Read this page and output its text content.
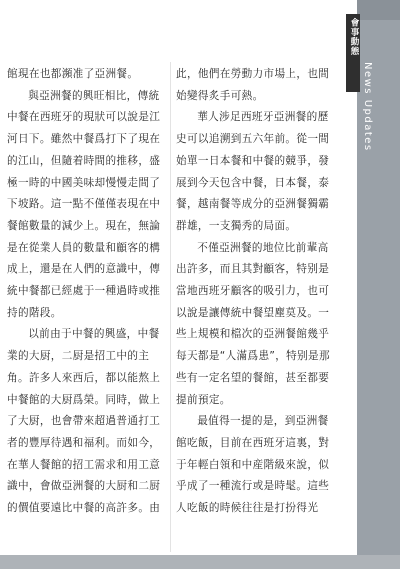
館現在也都瀕准了亞洲餐。

與亞洲餐的興旺相比，傳統中餐在西班牙的現狀可以說是江河日下。雖然中餐爲打下了現在的江山，但隨着時間的推移，盛極一時的中國美味却慢慢走間了下坡路。這一點不僅僅表現在中餐館數量的減少上。現在，無論是在從業人員的數量和顧客的構成上，還是在人們的意識中，傳統中餐都已經處于一種過時或推持的階段。

以前由于中餐的興盛，中餐業的大厨，二厨是招工中的主角。許多人來西后，都以能熬上中餐館的大厨爲榮。同時，做上了大厨，也會帶來超過普通打工者的豐厚待遇和福利。而如今，在華人餐館的招工需求和用工意識中，會做亞洲餐的大厨和二厨的價值要遠比中餐的高許多。由

此，他們在勞動力市場上，也間始變得炙手可熱。

華人涉足西班牙亞洲餐的歷史可以追溯到五六年前。從一間始單一日本餐和中餐的競爭，發展到今天包含中餐，日本餐，泰餐，越南餐等成分的亞洲餐獨霸群雄，一支獨秀的局面。

不僅亞洲餐的地位比前輩高出許多，而且其對顧客，特别是當地西班牙顧客的吸引力，也可以說是讓傳統中餐望塵莫及。一些上規模和檔次的亞洲餐館幾乎每天都是“人滿爲患”，特别是那些有一定名望的餐館，甚至都要提前預定。

最值得一提的是，到亞洲餐館吃飯，目前在西班牙這裏，對于年輕白領和中産階級來說，似乎成了一種流行或是時髦。這些人吃飯的時候往往是打扮得光

會事動態
News Updates
